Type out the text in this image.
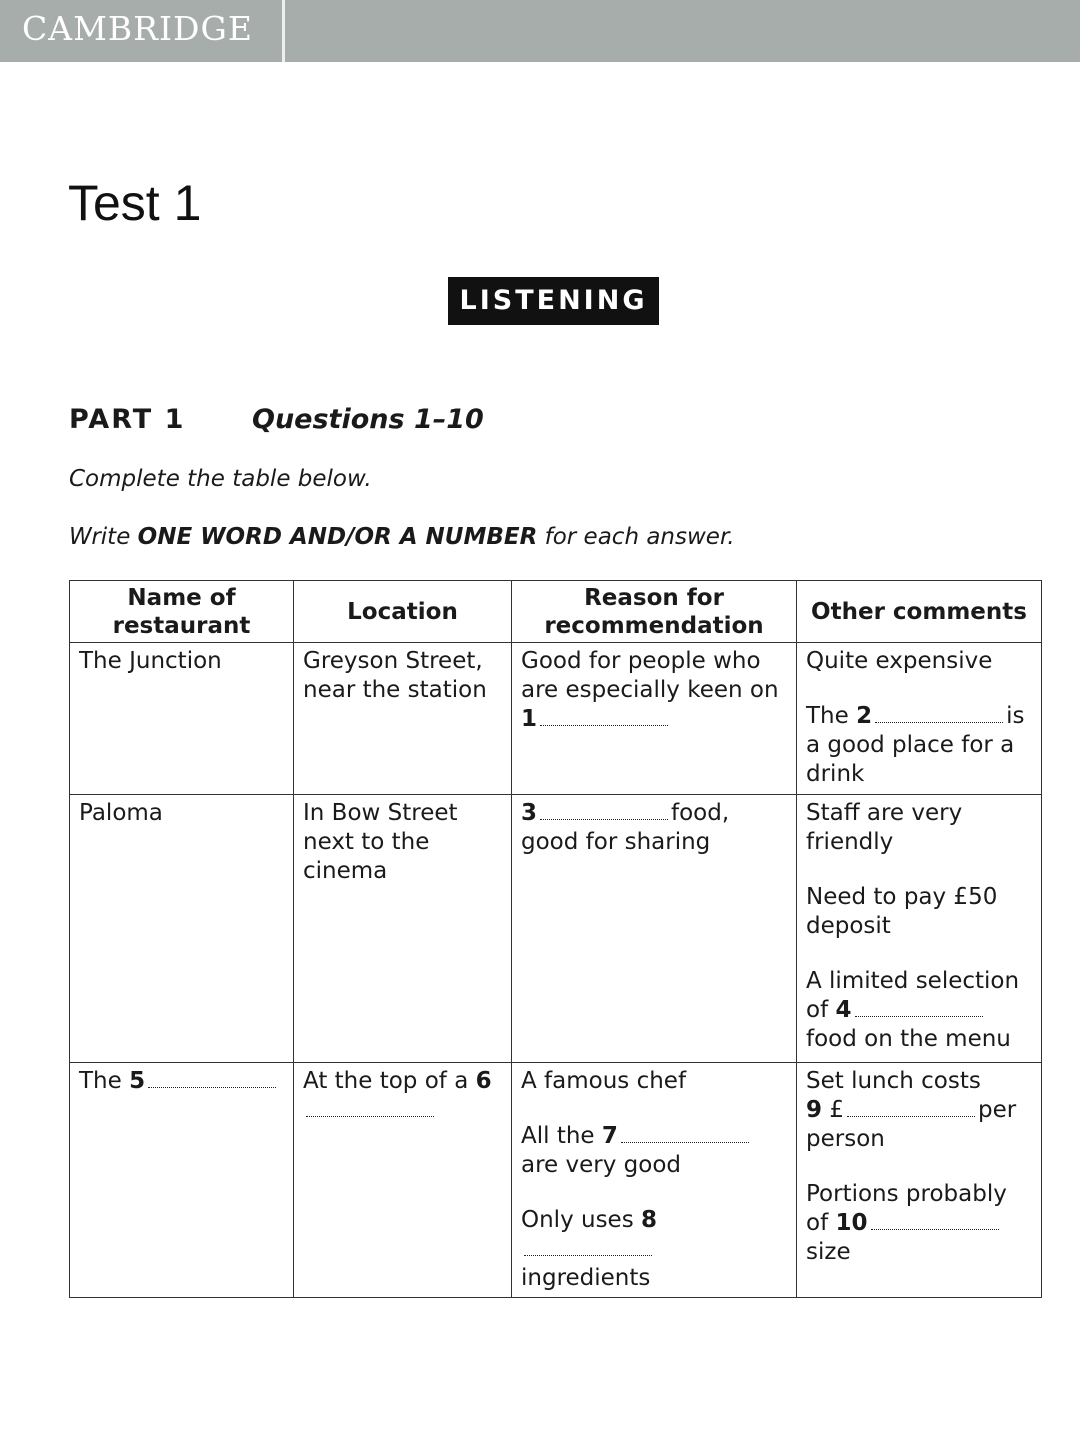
CAMBRIDGE
Test 1
LISTENING
PART 1 Questions 1–10
Complete the table below.
Write ONE WORD AND/OR A NUMBER for each answer.
Name of restaurant	Location	Reason for recommendation	Other comments
The Junction	Greyson Street, near the station	Good for people who are especially keen on 1	Quite expensive
The 2 is a good place for a drink
Paloma	In Bow Street next to the cinema	3 food,
good for sharing	Staff are very friendly
Need to pay £50 deposit
A limited selection of 4
food on the menu

The 5	At the top of a 6	A famous chef
All the 7
are very good
Only uses 8
ingredients	Set lunch costs
9 £ per
person
Portions probably of 10
size
